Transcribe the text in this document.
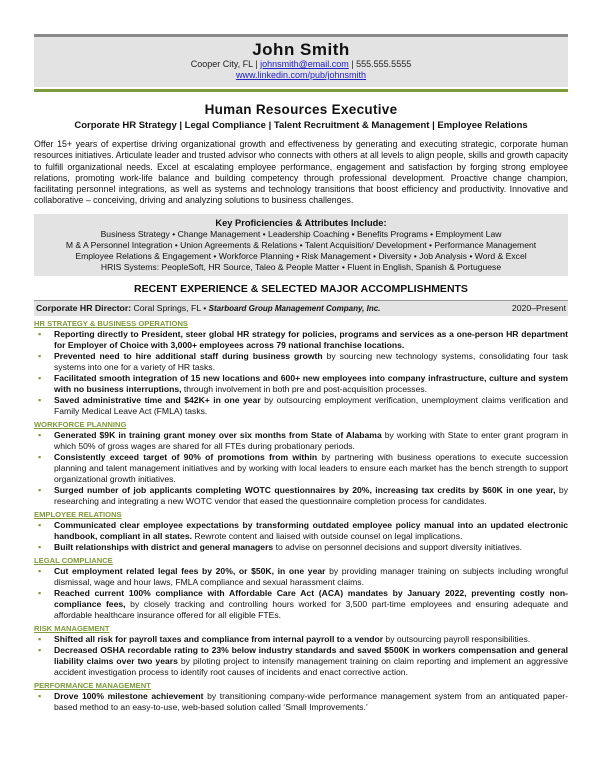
John Smith
Cooper City, FL | johnsmith@email.com | 555.555.5555
www.linkedin.com/pub/johnsmith
Human Resources Executive
Corporate HR Strategy | Legal Compliance | Talent Recruitment & Management | Employee Relations
Offer 15+ years of expertise driving organizational growth and effectiveness by generating and executing strategic, corporate human resources initiatives. Articulate leader and trusted advisor who connects with others at all levels to align people, skills and growth capacity to fulfill organizational needs. Excel at escalating employee performance, engagement and satisfaction by forging strong employee relations, promoting work-life balance and building competency through professional development. Proactive change champion, facilitating personnel integrations, as well as systems and technology transitions that boost efficiency and productivity. Innovative and collaborative – conceiving, driving and analyzing solutions to business challenges.
Key Proficiencies & Attributes Include:
Business Strategy • Change Management • Leadership Coaching • Benefits Programs • Employment Law
M & A Personnel Integration • Union Agreements & Relations • Talent Acquisition/ Development • Performance Management
Employee Relations & Engagement • Workforce Planning • Risk Management • Diversity • Job Analysis • Word & Excel
HRIS Systems: PeopleSoft, HR Source, Taleo & People Matter • Fluent in English, Spanish & Portuguese
RECENT EXPERIENCE & SELECTED MAJOR ACCOMPLISHMENTS
Corporate HR Director: Coral Springs, FL • Starboard Group Management Company, Inc.	2020–Present
HR STRATEGY & BUSINESS OPERATIONS
▪ Reporting directly to President, steer global HR strategy for policies, programs and services as a one-person HR department for Employer of Choice with 3,000+ employees across 79 national franchise locations.
▪ Prevented need to hire additional staff during business growth by sourcing new technology systems, consolidating four task systems into one for a variety of HR tasks.
▪ Facilitated smooth integration of 15 new locations and 600+ new employees into company infrastructure, culture and system with no business interruptions, through involvement in both pre and post-acquisition processes.
▪ Saved administrative time and $42K+ in one year by outsourcing employment verification, unemployment claims verification and Family Medical Leave Act (FMLA) tasks.
WORKFORCE PLANNING
▪ Generated $9K in training grant money over six months from State of Alabama by working with State to enter grant program in which 50% of gross wages are shared for all FTEs during probationary periods.
▪ Consistently exceed target of 90% of promotions from within by partnering with business operations to execute succession planning and talent management initiatives and by working with local leaders to ensure each market has the bench strength to support organizational growth initiatives.
▪ Surged number of job applicants completing WOTC questionnaires by 20%, increasing tax credits by $60K in one year, by researching and integrating a new WOTC vendor that eased the questionnaire completion process for candidates.
EMPLOYEE RELATIONS
▪ Communicated clear employee expectations by transforming outdated employee policy manual into an updated electronic handbook, compliant in all states. Rewrote content and liaised with outside counsel on legal implications.
▪ Built relationships with district and general managers to advise on personnel decisions and support diversity initiatives.
LEGAL COMPLIANCE
▪ Cut employment related legal fees by 20%, or $50K, in one year by providing manager training on subjects including wrongful dismissal, wage and hour laws, FMLA compliance and sexual harassment claims.
▪ Reached current 100% compliance with Affordable Care Act (ACA) mandates by January 2022, preventing costly non-compliance fees, by closely tracking and controlling hours worked for 3,500 part-time employees and ensuring adequate and affordable healthcare insurance offered for all eligible FTEs.
RISK MANAGEMENT
▪ Shifted all risk for payroll taxes and compliance from internal payroll to a vendor by outsourcing payroll responsibilities.
▪ Decreased OSHA recordable rating to 23% below industry standards and saved $500K in workers compensation and general liability claims over two years by piloting project to intensify management training on claim reporting and implement an aggressive accident investigation process to identify root causes of incidents and enact corrective action.
PERFORMANCE MANAGEMENT
▪ Drove 100% milestone achievement by transitioning company-wide performance management system from an antiquated paper-based method to an easy-to-use, web-based solution called ‘Small Improvements.’
